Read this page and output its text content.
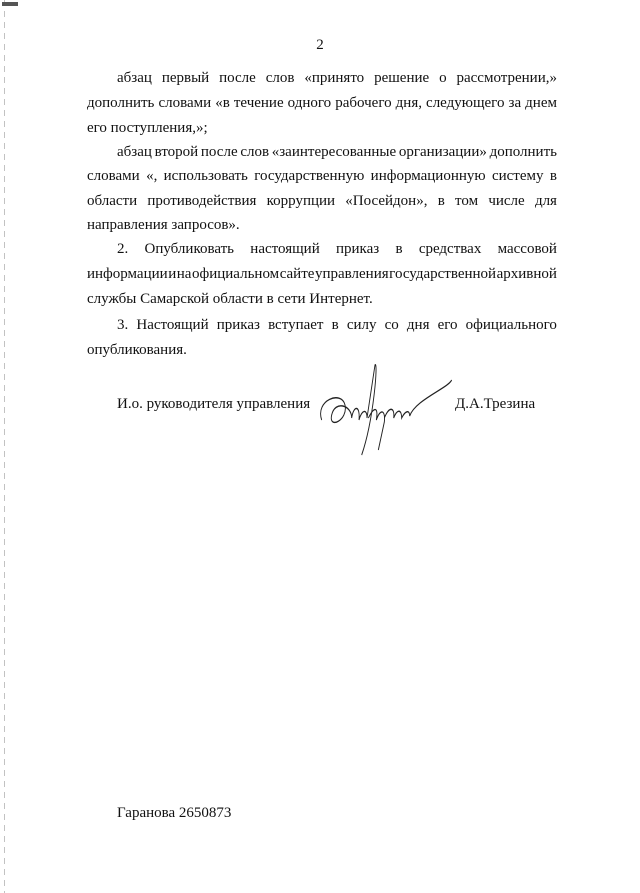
2
абзац первый после слов «принято решение о рассмотрении,»
дополнить словами «в течение одного рабочего дня, следующего за днем
его поступления,»;
абзац второй после слов «заинтересованные организации» дополнить
словами «, использовать государственную информационную систему в
области противодействия коррупции «Посейдон», в том числе для
направления запросов».
2. Опубликовать настоящий приказ в средствах массовой
информации и на официальном сайте управления государственной архивной
службы Самарской области в сети Интернет.
3. Настоящий приказ вступает в силу со дня его официального
опубликования.
И.о. руководителя управления	Д.А.Трезина
Гаранова 2650873
